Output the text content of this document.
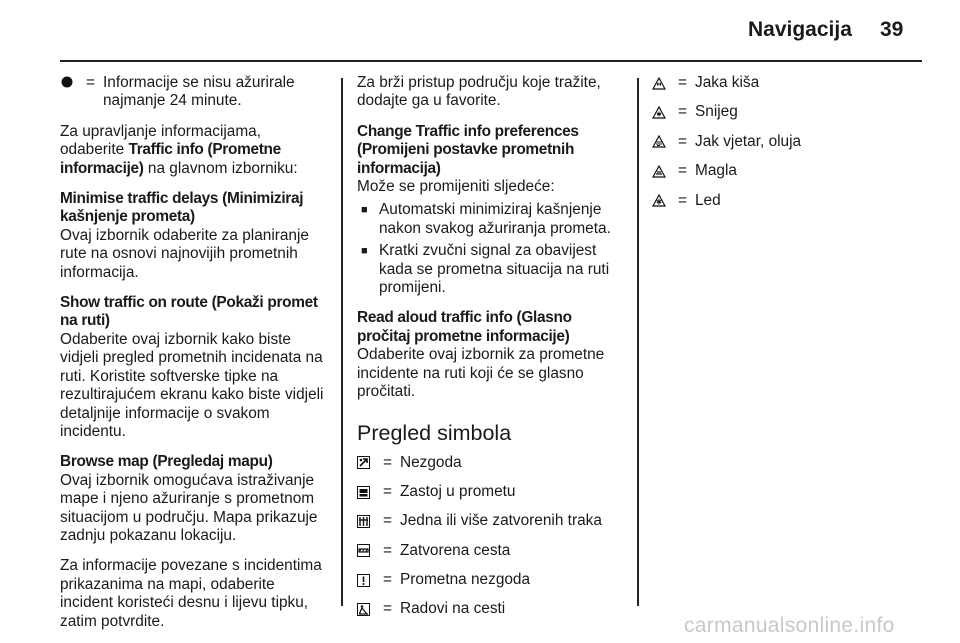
Navigacija 39
= Informacije se nisu ažurirale najmanje 24 minute.

Za upravljanje informacijama, odaberite Traffic info (Prometne informacije) na glavnom izborniku:

Minimise traffic delays (Minimiziraj kašnjenje prometa)
Ovaj izbornik odaberite za planiranje rute na osnovi najnovijih prometnih informacija.

Show traffic on route (Pokaži promet na ruti)
Odaberite ovaj izbornik kako biste vidjeli pregled prometnih incidenata na ruti. Koristite softverske tipke na rezultirajućem ekranu kako biste vidjeli detaljnije informacije o svakom incidentu.

Browse map (Pregledaj mapu)
Ovaj izbornik omogućava istraživanje mape i njeno ažuriranje s prometnom situacijom u području. Mapa prikazuje zadnju pokazanu lokaciju.

Za informacije povezane s incidentima prikazanima na mapi, odaberite incident koristeći desnu i lijevu tipku, zatim potvrdite.

Za brži pristup području koje tražite, dodajte ga u favorite.

Change Traffic info preferences (Promijeni postavke prometnih informacija)
Može se promijeniti sljedeće:
■ Automatski minimiziraj kašnjenje nakon svakog ažuriranja prometa.
■ Kratki zvučni signal za obavijest kada se prometna situacija na ruti promijeni.

Read aloud traffic info (Glasno pročitaj prometne informacije)
Odaberite ovaj izbornik za prometne incidente na ruti koji će se glasno pročitati.

Pregled simbola
= Nezgoda
= Zastoj u prometu
= Jedna ili više zatvorenih traka
= Zatvorena cesta
= Prometna nezgoda
= Radovi na cesti
= Jaka kiša
= Snijeg
= Jak vjetar, oluja
= Magla
= Led
carmanualsonline.info
